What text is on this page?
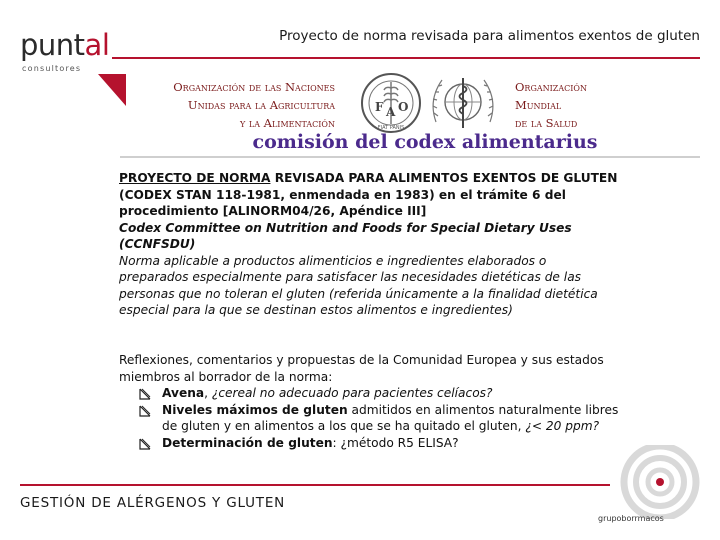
puntal
consultores
Proyecto de norma revisada para alimentos exentos de gluten
Organización de las Naciones
Unidas para la Agricultura
y la Alimentación
F A O
FIAT PANIS
Organización
Mundial
de la Salud
comisión del codex alimentarius

PROYECTO DE NORMA REVISADA PARA ALIMENTOS EXENTOS DE GLUTEN (CODEX STAN 118-1981, enmendada en 1983) en el trámite 6 del procedimiento [ALINORM04/26, Apéndice III]

Codex Committee on Nutrition and Foods for Special Dietary Uses (CCNFSDU)

Norma aplicable a productos alimenticios e ingredientes elaborados o preparados especialmente para satisfacer las necesidades dietéticas de las personas que no toleran el gluten (referida únicamente a la finalidad dietética especial para la que se destinan estos alimentos e ingredientes)

Reflexiones, comentarios y propuestas de la Comunidad Europea y sus estados miembros al borrador de la norma:

Avena, ¿cereal no adecuado para pacientes celíacos?
Niveles máximos de gluten admitidos en alimentos naturalmente libres de gluten y en alimentos a los que se ha quitado el gluten, ¿< 20 ppm?
Determinación de gluten: ¿método R5 ELISA?
GESTIÓN DE ALÉRGENOS Y GLUTEN
grupoborrmacos
